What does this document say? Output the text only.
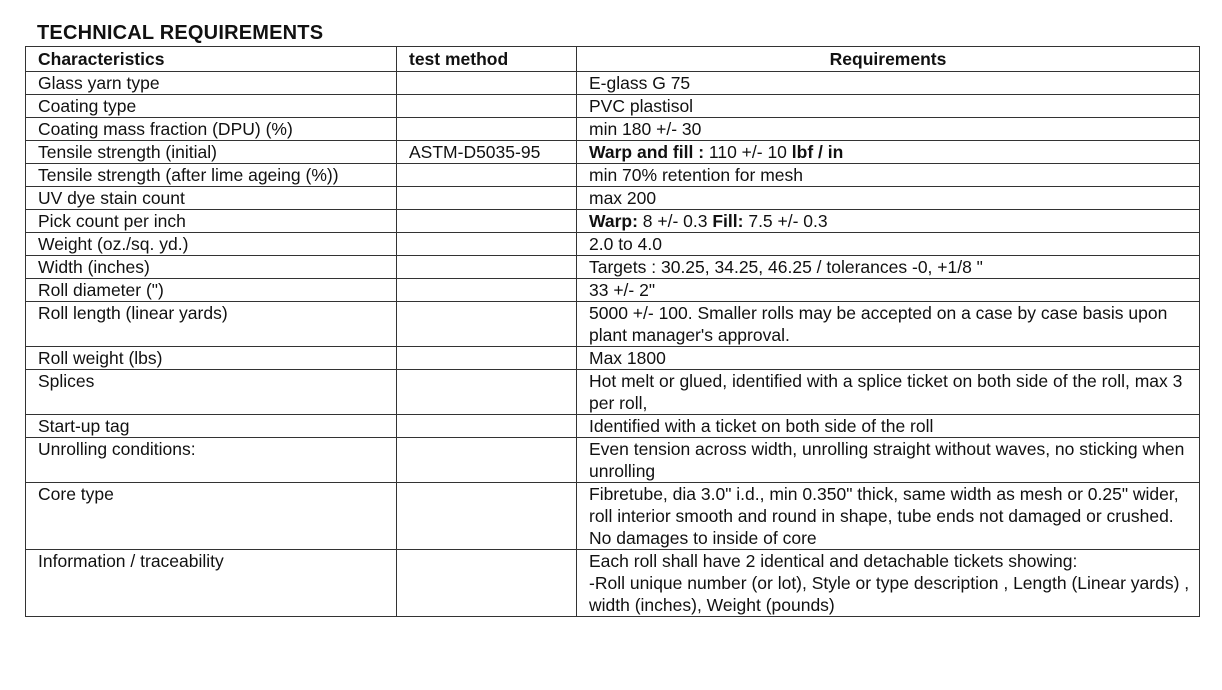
TECHNICAL REQUIREMENTS
Characteristics	test method	Requirements
Glass yarn type		E-glass G 75
Coating type		PVC plastisol
Coating mass fraction (DPU) (%)		min 180 +/- 30
Tensile strength (initial)	ASTM-D5035-95	Warp and fill : 110 +/- 10 lbf / in
Tensile strength (after lime ageing (%))		min 70% retention for mesh
UV dye stain count		max 200
Pick count per inch		Warp: 8 +/- 0.3 Fill: 7.5 +/- 0.3
Weight (oz./sq. yd.)		2.0 to 4.0
Width (inches)		Targets : 30.25, 34.25, 46.25 / tolerances -0, +1/8 "
Roll diameter (")		33 +/- 2"
Roll length (linear yards)		5000 +/- 100. Smaller rolls may be accepted on a case by case basis upon plant manager's approval.
Roll weight (lbs)		Max 1800
Splices		Hot melt or glued, identified with a splice ticket on both side of the roll, max 3 per roll,
Start-up tag		Identified with a ticket on both side of the roll
Unrolling conditions:		Even tension across width, unrolling straight without waves, no sticking when unrolling
Core type		Fibretube, dia 3.0" i.d., min 0.350" thick, same width as mesh or 0.25" wider, roll interior smooth and round in shape, tube ends not damaged or crushed. No damages to inside of core
Information / traceability		Each roll shall have 2 identical and detachable tickets showing:
-Roll unique number (or lot), Style or type description , Length (Linear yards) , width (inches), Weight (pounds)
